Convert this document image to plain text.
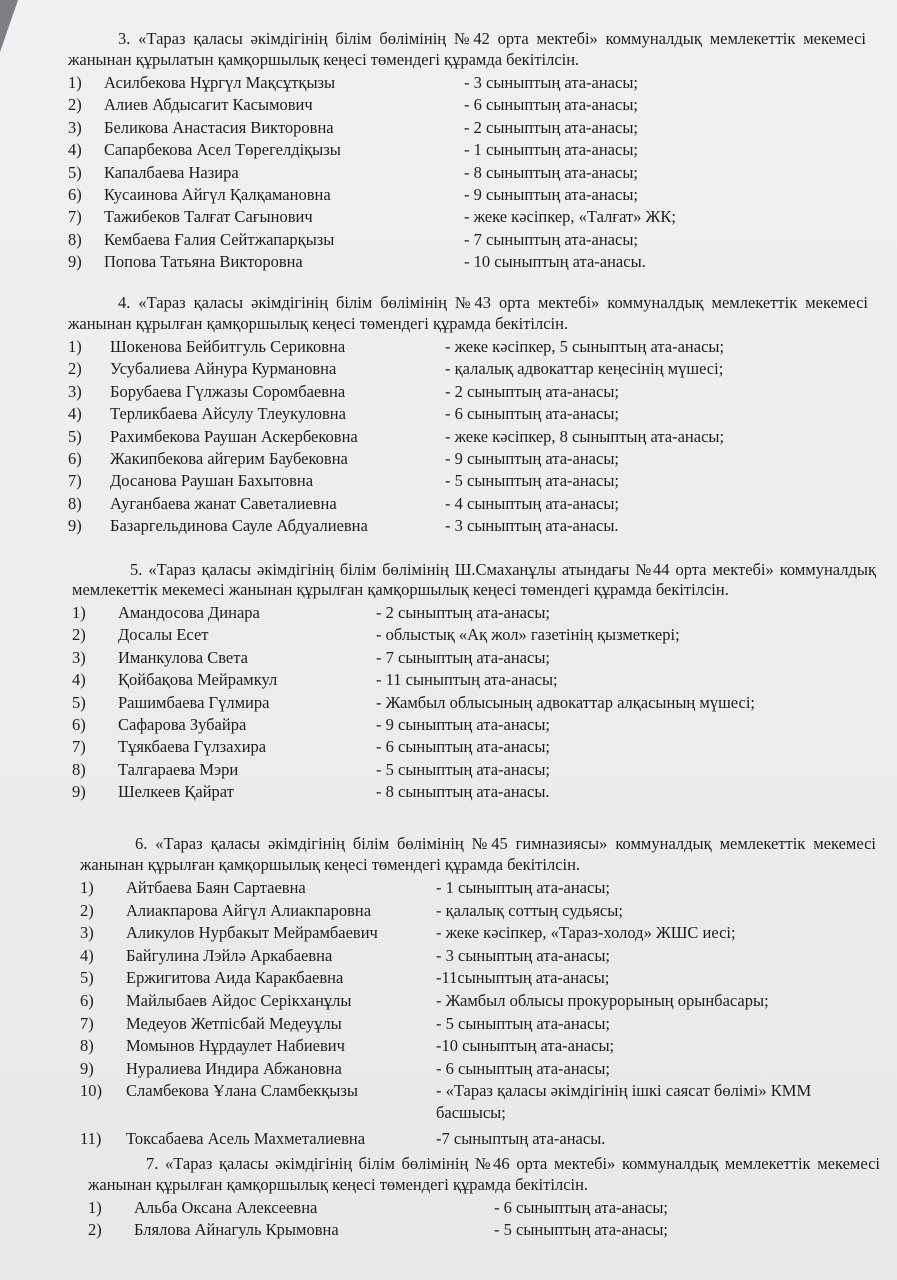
3. «Тараз қаласы әкімдігінің білім бөлімінің №42 орта мектебі» коммуналдық мемлекеттік мекемесі жанынан құрылатын қамқоршылық кеңесі төмендегі құрамда бекітілсін.

1)	Асилбекова Нұргүл Мақсұтқызы	- 3 сыныптың ата-анасы;
2)	Алиев Абдысагит Касымович	- 6 сыныптың ата-анасы;
3)	Беликова Анастасия Викторовна	- 2 сыныптың ата-анасы;
4)	Сапарбекова Асел Төрегелдіқызы	- 1 сыныптың ата-анасы;
5)	Капалбаева Назира	- 8 сыныптың ата-анасы;
6)	Кусаинова Айгүл Қалқамановна	- 9 сыныптың ата-анасы;
7)	Тажибеков Талғат Сағынович	- жеке кәсіпкер, «Талғат» ЖК;
8)	Кембаева Ғалия Сейтжапарқызы	- 7 сыныптың ата-анасы;
9)	Попова Татьяна Викторовна	- 10 сыныптың ата-анасы.

4. «Тараз қаласы әкімдігінің білім бөлімінің №43 орта мектебі» коммуналдық мемлекеттік мекемесі жанынан құрылған қамқоршылық кеңесі төмендегі құрамда бекітілсін.

1)	Шокенова Бейбитгуль Сериковна	- жеке кәсіпкер, 5 сыныптың ата-анасы;
2)	Усубалиева Айнура Курмановна	- қалалық адвокаттар кеңесінің мүшесі;
3)	Борубаева Гүлжазы Соромбаевна	- 2 сыныптың ата-анасы;
4)	Терликбаева Айсулу Тлеукуловна	- 6 сыныптың ата-анасы;
5)	Рахимбекова Раушан Аскербековна	- жеке кәсіпкер, 8 сыныптың ата-анасы;
6)	Жакипбекова айгерим Баубековна	- 9 сыныптың ата-анасы;
7)	Досанова Раушан Бахытовна	- 5 сыныптың ата-анасы;
8)	Ауганбаева жанат Саветалиевна	- 4 сыныптың ата-анасы;
9)	Базаргельдинова Сауле Абдуалиевна	- 3 сыныптың ата-анасы.

5. «Тараз қаласы әкімдігінің білім бөлімінің Ш.Смаханұлы атындағы №44 орта мектебі» коммуналдық мемлекеттік мекемесі жанынан құрылған қамқоршылық кеңесі төмендегі құрамда бекітілсін.

1)	Амандосова Динара	- 2 сыныптың ата-анасы;
2)	Досалы Есет	- облыстық «Ақ жол» газетінің қызметкері;
3)	Иманкулова Света	- 7 сыныптың ата-анасы;
4)	Қойбақова Мейрамкул	- 11 сыныптың ата-анасы;
5)	Рашимбаева Гүлмира	- Жамбыл облысының адвокаттар алқасының мүшесі;
6)	Сафарова Зубайра	- 9 сыныптың ата-анасы;
7)	Тұякбаева Гүлзахира	- 6 сыныптың ата-анасы;
8)	Талгараева Мэри	- 5 сыныптың ата-анасы;
9)	Шелкеев Қайрат	- 8 сыныптың ата-анасы.

6. «Тараз қаласы әкімдігінің білім бөлімінің №45 гимназиясы» коммуналдық мемлекеттік мекемесі жанынан құрылған қамқоршылық кеңесі төмендегі құрамда бекітілсін.

1)	Айтбаева Баян Сартаевна	- 1 сыныптың ата-анасы;
2)	Алиакпарова Айгүл Алиакпаровна	- қалалық соттың судьясы;
3)	Аликулов Нурбакыт Мейрамбаевич	- жеке кәсіпкер, «Тараз-холод» ЖШС иесі;
4)	Байгулина Лэйлә Аркабаевна	- 3 сыныптың ата-анасы;
5)	Ержигитова Аида Каракбаевна	-11сыныптың ата-анасы;
6)	Майлыбаев Айдос Серікханұлы	- Жамбыл облысы прокурорының орынбасары;
7)	Медеуов Жетпісбай Медеуұлы	- 5 сыныптың ата-анасы;
8)	Момынов Нұрдаулет Набиевич	-10 сыныптың ата-анасы;
9)	Нуралиева Индира Абжановна	- 6 сыныптың ата-анасы;
10)	Сламбекова Ұлана Сламбекқызы	- «Тараз қаласы әкімдігінің ішкі саясат бөлімі» КММ
басшысы;
11)	Токсабаева Асель Махметалиевна	-7 сыныптың ата-анасы.

7. «Тараз қаласы әкімдігінің білім бөлімінің №46 орта мектебі» коммуналдық мемлекеттік мекемесі жанынан құрылған қамқоршылық кеңесі төмендегі құрамда бекітілсін.

1)	Альба Оксана Алексеевна	- 6 сыныптың ата-анасы;
2)	Блялова Айнагуль Крымовна	- 5 сыныптың ата-анасы;
